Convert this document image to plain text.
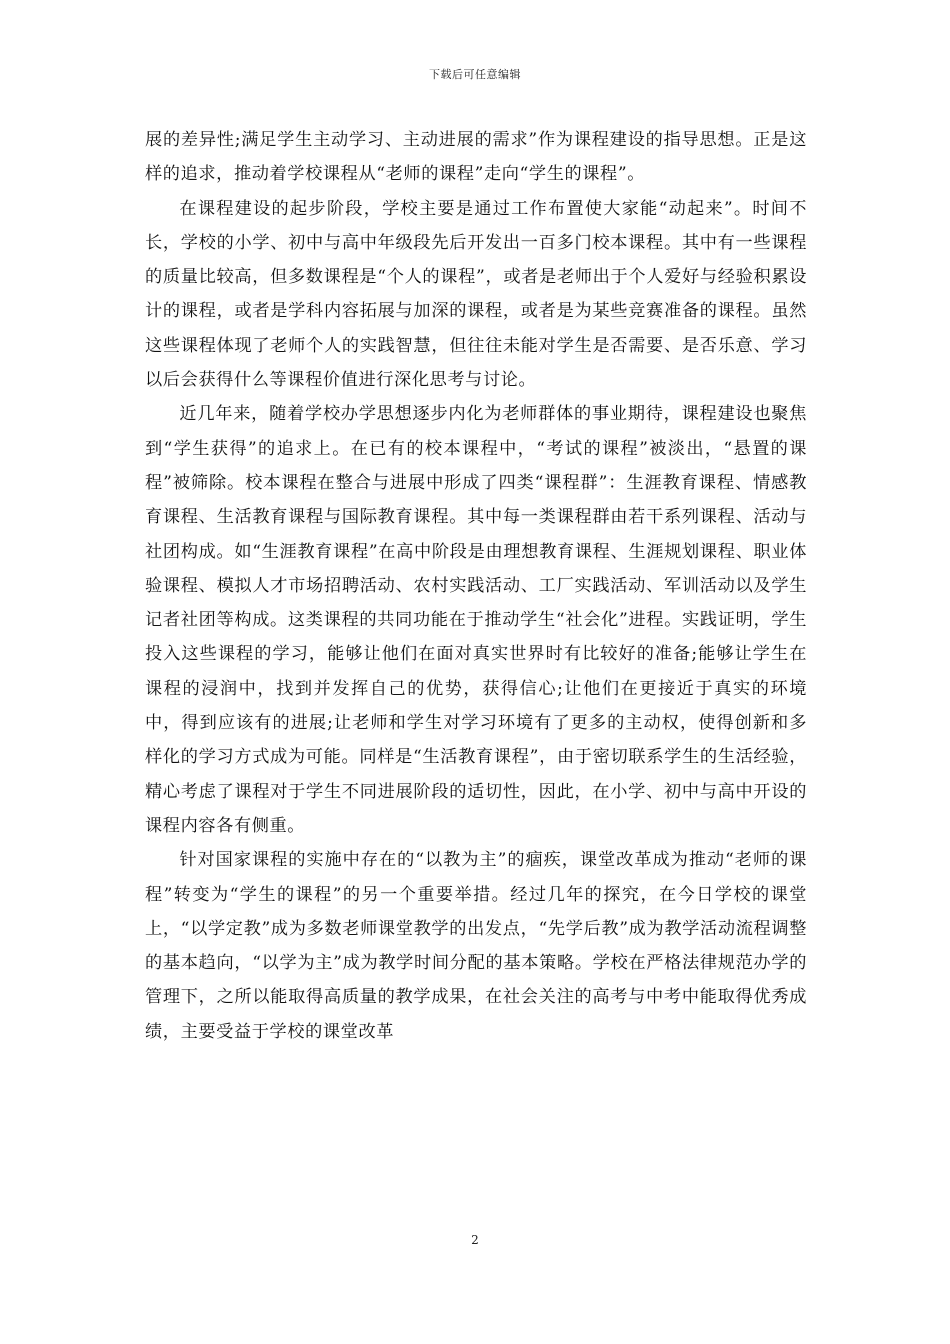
下载后可任意编辑

展的差异性;满足学生主动学习、主动进展的需求”作为课程建设的指导思想。正是这样的追求，推动着学校课程从“老师的课程”走向“学生的课程”。

在课程建设的起步阶段，学校主要是通过工作布置使大家能“动起来”。时间不长，学校的小学、初中与高中年级段先后开发出一百多门校本课程。其中有一些课程的质量比较高，但多数课程是“个人的课程”，或者是老师出于个人爱好与经验积累设计的课程，或者是学科内容拓展与加深的课程，或者是为某些竞赛准备的课程。虽然这些课程体现了老师个人的实践智慧，但往往未能对学生是否需要、是否乐意、学习以后会获得什么等课程价值进行深化思考与讨论。

近几年来，随着学校办学思想逐步内化为老师群体的事业期待，课程建设也聚焦到“学生获得”的追求上。在已有的校本课程中，“考试的课程”被淡出，“悬置的课程”被筛除。校本课程在整合与进展中形成了四类“课程群”：生涯教育课程、情感教育课程、生活教育课程与国际教育课程。其中每一类课程群由若干系列课程、活动与社团构成。如“生涯教育课程”在高中阶段是由理想教育课程、生涯规划课程、职业体验课程、模拟人才市场招聘活动、农村实践活动、工厂实践活动、军训活动以及学生记者社团等构成。这类课程的共同功能在于推动学生“社会化”进程。实践证明，学生投入这些课程的学习，能够让他们在面对真实世界时有比较好的准备;能够让学生在课程的浸润中，找到并发挥自己的优势，获得信心;让他们在更接近于真实的环境中，得到应该有的进展;让老师和学生对学习环境有了更多的主动权，使得创新和多样化的学习方式成为可能。同样是“生活教育课程”，由于密切联系学生的生活经验，精心考虑了课程对于学生不同进展阶段的适切性，因此，在小学、初中与高中开设的课程内容各有侧重。

针对国家课程的实施中存在的“以教为主”的痼疾，课堂改革成为推动“老师的课程”转变为“学生的课程”的另一个重要举措。经过几年的探究，在今日学校的课堂上，“以学定教”成为多数老师课堂教学的出发点，“先学后教”成为教学活动流程调整的基本趋向，“以学为主”成为教学时间分配的基本策略。学校在严格法律规范办学的管理下，之所以能取得高质量的教学成果，在社会关注的高考与中考中能取得优秀成绩，主要受益于学校的课堂改革

2
